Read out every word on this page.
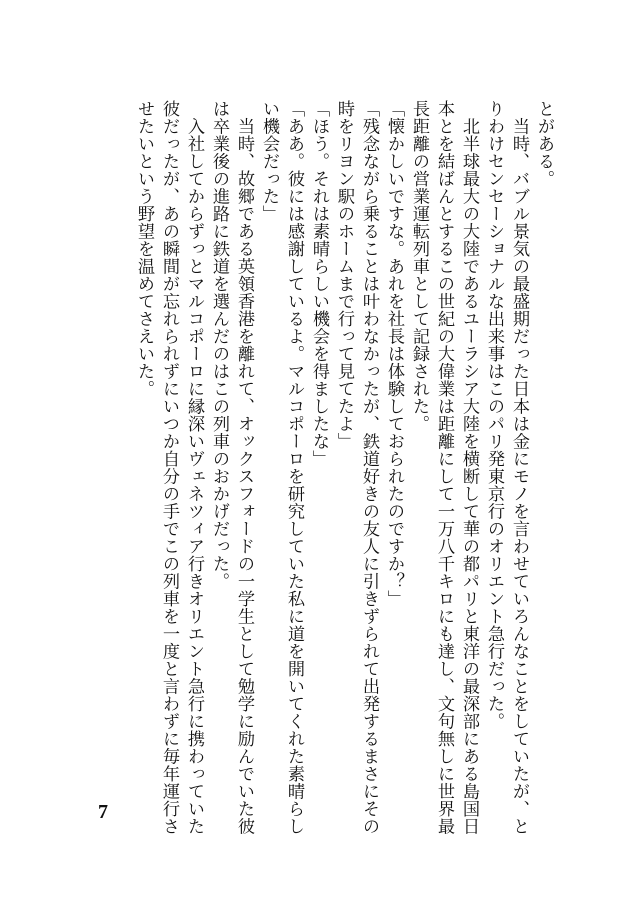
とがある。
　当時、バブル景気の最盛期だった日本は金にモノを言わせていろんなことをしていたが、と
りわけセンセーショナルな出来事はこのパリ発東京行のオリエント急行だった。
　北半球最大の大陸であるユーラシア大陸を横断して華の都パリと東洋の最深部にある島国日
本とを結ばんとするこの世紀の大偉業は距離にして一万八千キロにも達し、文句無しに世界最
長距離の営業運転列車として記録された。
「懐かしいですな。あれを社長は体験しておられたのですか？」
「残念ながら乗ることは叶わなかったが、鉄道好きの友人に引きずられて出発するまさにその
時をリヨン駅のホームまで行って見てたよ」
「ほう。それは素晴らしい機会を得ましたな」
「ああ。彼には感謝しているよ。マルコポーロを研究していた私に道を開いてくれた素晴らし
い機会だった」
　当時、故郷である英領香港を離れて、オックスフォードの一学生として勉学に励んでいた彼
は卒業後の進路に鉄道を選んだのはこの列車のおかげだった。
　入社してからずっとマルコポーロに縁深いヴェネツィア行きオリエント急行に携わっていた
彼だったが、あの瞬間が忘れられずにいつか自分の手でこの列車を一度と言わずに毎年運行さ
せたいという野望を温めてさえいた。
7
